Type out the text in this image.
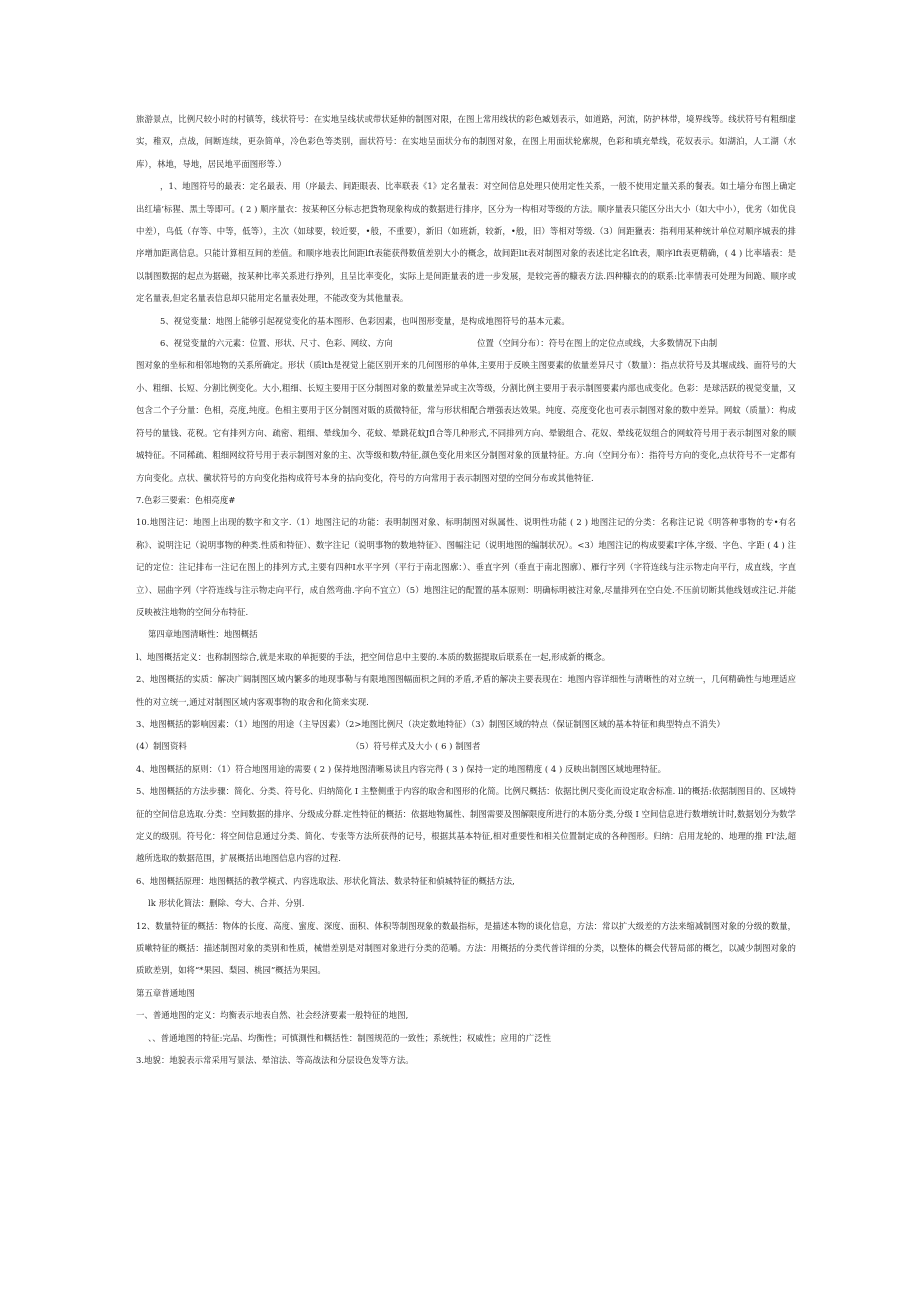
旅游景点，比例尺较小时的村镇等，线状符号：在实地呈线状或带状延伸的制图对限，在图上常用线状的彩色臧划表示，如道路，河流，防护林带，境界线等。线状符号有粗细虚实，稚双，点战，间断连续，更杂简单，冷色彩色等类别，面状符号：在实地呈面状分布的制图对象，在图上用面状轮廓规，色彩和填充晕线，花奴表示。如湖泊，人工湖（水库），林地，导地，居民地平面图形等.）

，1、地图符号的最表：定名最表、用（序最去、间距眼表、比率联表《1》定名量表：对空间信息处理只使用定性关系，一般不使用定量关系的餐表。如土墙分布图上确定出红墙’标猩、黑土等即可。( 2 ) 顺序量衣：按某种区分标志把貨物现象构成的数据进行排序，区分为一构相对等级的方法。顺序量表只能区分出大小（如大中小），优劣（如优良中差），鸟低（存等、中等，低等），主次（如球要，较近要，•般，不重要），新旧（如班新，较新，•般，旧）等相对等级.（3）间距獵表：指利用某种统计单位对顺序城表的排序增加距离信息。只能计算相互间的差值。和顺序地表比间距lft表能获得数值差别大小的概念，故间距lit表对制图对象的表述比定名lft表，顺序lft表更精确，( 4 ) 比率墙表：是以制图数据的起点为据磁，按某种比率关系进行挣列，且呈比率变化，实际上是间距量表的进一步发展，是较完善的糠表方法.四种糠衣的的联系:比率情表可处理为间跪、顺序或定名量表,但定名量表信息却只能用定名量表处理，不能改变为其他量表。

5、视觉变量：地图上能够引起视觉变化的基本图形、色彩因素，也叫图形变量，是构成地图符号的基本元素。

6、视觉变量的六元素：位置、形状、尺寸、色彩、网纹、方向　　　　　　　　　　位置（空间分布）：符号在图上的定位点或线，大多数情况下由制

图对象的坐标和相邻地物的关系所确定。形状（质lth是视觉上能区别开来的几何图形的单体,主要用于反映主图要素的依量差异尺寸（数量）：指点状符号及其堰成线、面符号的大小、粗细、长短、分割比例变化。大小,粗细、长短主要用于区分制图对象的数量差异或主次等级，分割比例主要用于表示制图要素内部也成变化。色彩：是球活跃的视觉变量，又包含二个子分量：色相，亮度,纯度。色相主要用于区分制图对販的质微特征，常与形状相配合增强表达效果。纯度、亮度变化也可表示制图对象的数中差异。网蚊（质量）：构成符号的量钱、花税。它有排列方向、疏密、粗细、晕线加今、花蚊、晕跳花蚊Jfl合等几种形式,不同排列方向、晕锻组合、花奴、晕线花奴组合的网蚊符号用于表示制图对象的顺城特征。不同稀疏、粗细网纹符号用于表示制图对象的主、次等级和数/特征,颜色变化用来区分制图对象的顶量特征。方.向（空间分布）：指符号方向的变化,点状符号不一定都有方向变化。点状、黴状符号的方向变化指构成符号本身的拈向变化，符号的方向常用于表示制图对望的空间分布或其他特征.

7.色彩三要索：色相亮度#

10.地图注记：地图上出现的数字和文字.（1）地图注记的功能：表明制图对象、标明制图对纵属性、说明性功能 ( 2 ) 地图注记的分类：名称注记说《明答种事物的专•有名称》、说明注记（说明事物的种类.性质和特征）、数字注记（说明事物的数地特征》、图幅注记（说明地图的编制状况）。<3）地图注记的构成要素I字体,字级、字色、字距 ( 4 ) 注记的定位：注记排布一注记在图上的排列方式,主要有四种I水平字列（平行于南北图廓：）、垂直字列（垂直于南北图廓）、雁行字列（字符连线与注示物走向平行，成直线，字直立）、屈曲字列（字符连线与注示物走向平行，成自然弯曲.字向不宜立）（5）地图注记的配置的基本原则：明确标明被注对象,尽量排列在空白处.不压前切断其他线划或注记.并能反映被注地物的空间分布特征.

第四章地图清晰性：地图概括

l、地图概括定义：也称制图综合,就是来取的单扼要的手法，把空间信息中主要的.本质的数据提取后联系在一起,形成新的概念。

2、地图概括的实质：解决广阔制图区域内繁多的地现事勒与有限地图图幅面枳之间的矛盾,矛盾的解决主要表现在：地图内容详细性与清晰性的对立统一，几何精确性与地理适应性的对立统一,通过对制图区域内客观事物的取舍和化简来实现.

3、地图概括的影响因素：（1）地图的用途（主导因素）（2>地图比例尺（决定数地特征）（3）制图区域的特点（保证制图区域的基本特征和典型特点不消失）

(4）制图资料　　　　　　　　　　　　　　　　　　　　（5）符号样式及大小 ( 6 ) 制图者

4、地图概括的原则：（1）符合地图用途的需要 ( 2 ) 保持地图清晰易读且内容完得 ( 3 ) 保持一定的地图精度 ( 4 ) 反映出制图区域地理特征。

5、地图概括的方法步骤：简化、分类、符号化、归纳简化 I 主整侧重于内容的取舍和图形的化简。比例尺概括：依据比例尺变化而设定取舍标准. ll的概括:依据制图目的、区域特征的空间信息选取.分类：空间数据的排序、分级成分群.定性特征的概括：依据地物属性、制图需要及图解限度所进行的本筋分类,分级 I 空间信息进行数增统计时,数据划分为数学定义的级別。符号化：将空间信息通过分类、简化、专张等方法所获得的记号，根据其基本特征,相对重要性和相关位置制定成的各种图形。归纳：启用龙轮的、地理的推 Fl'法,超越所选取的数据范围，扩展概括出地图信息内容的过程.

6、地图概括原理：地图概括的教学模式、内容选取法、形状化简法、数录特征和偵城特征的概括方法,

lk 形状化简法：删除、夸大、合并、分别.

12、数量特征的概括：物体的长度、高度、蜜度、深度、面积、体积等制图现象的数最指标，是描述本物的谈化信息，方法：常以扩大级差的方法来缩减制图对象的分级的数量，质嗽特征的概括：描述制图对象的类别和性质，械惜差别是对制图对象进行分类的范嚼。方法：用概括的分类代普详细的分类，以整体的概会代替局部的概乞，以减少制图对象的质欧差别，如将“*果园、梨园、桃园”概括为果园。

第五章普通地图

一、普通地图的定义：均衡表示地表自然、社会经济要素一般特征的地图,

、、普通地图的特征:完品、均衡性；可慎測性和概括性：制图规范的一致性；系统性；权威性；应用的广泛性

3.地貌：地貌表示常采用写景法、晕涫法、等高战法和分层设色发等方法。
